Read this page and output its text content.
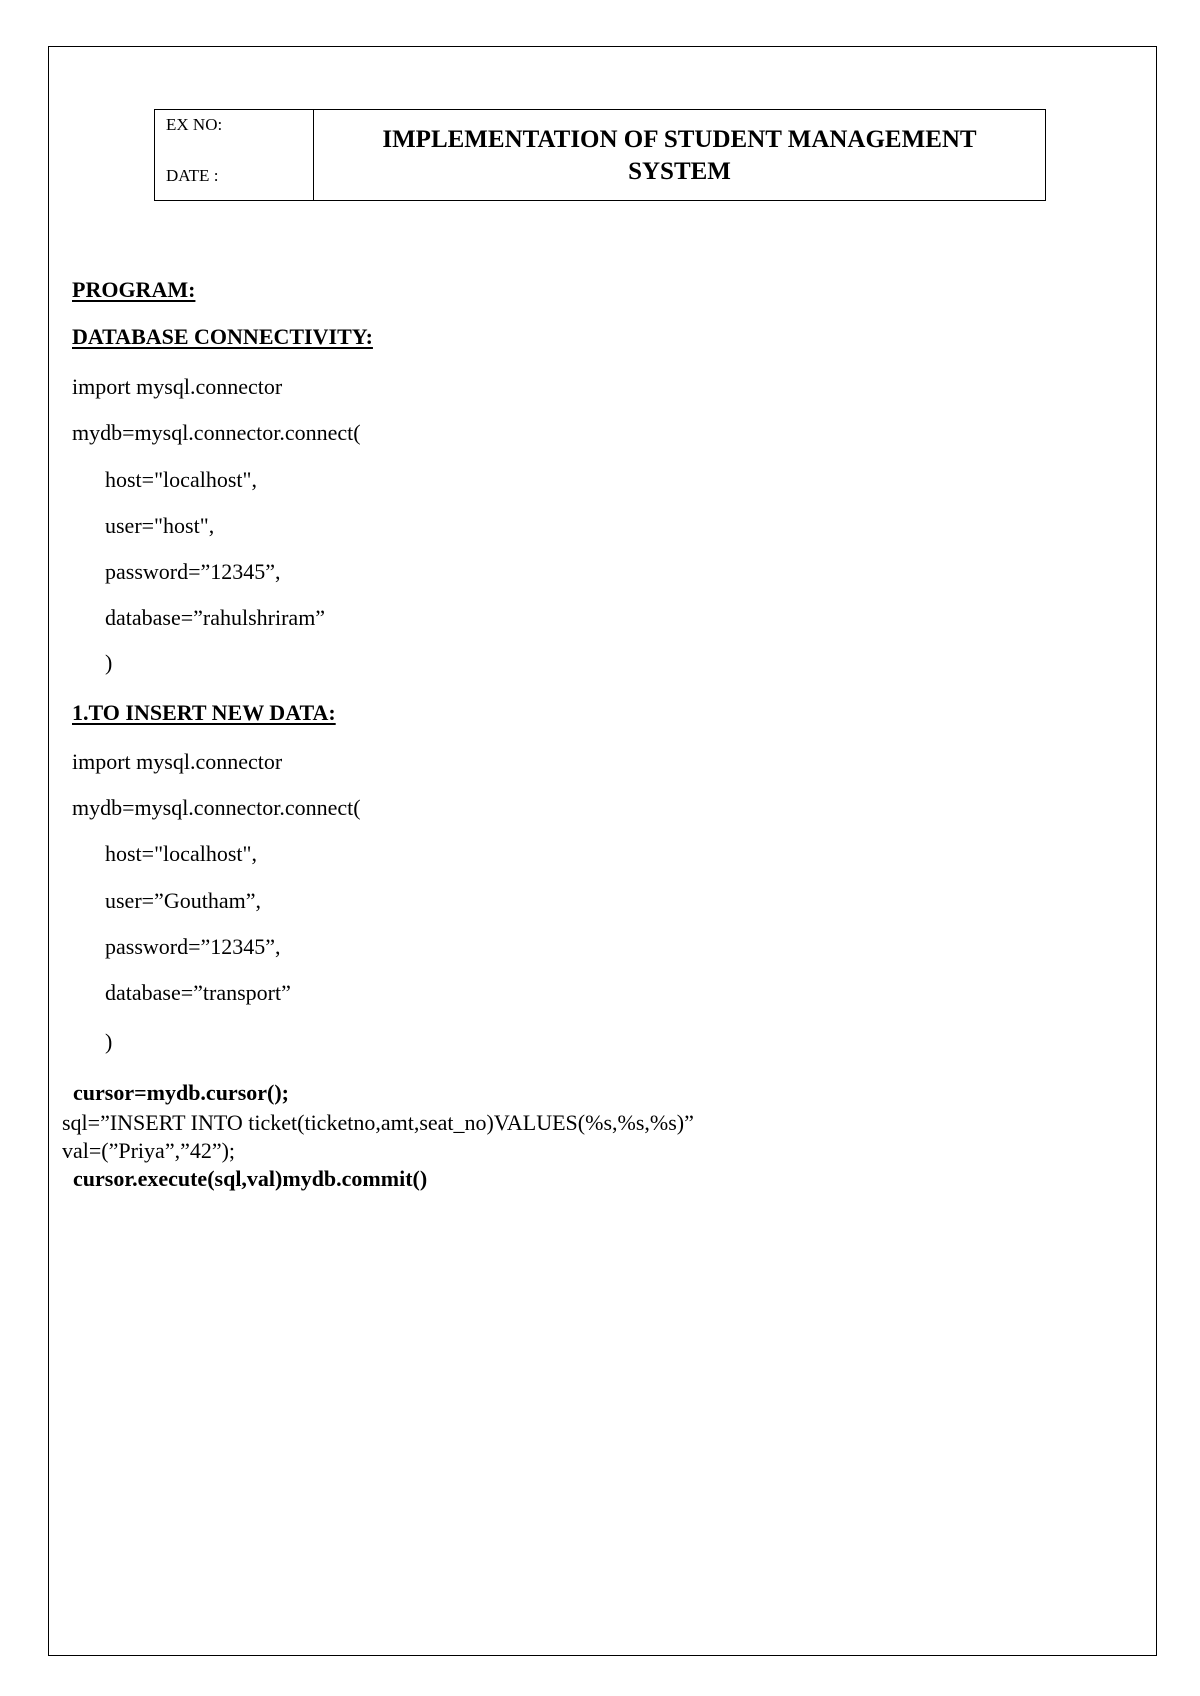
EX NO:
DATE :
IMPLEMENTATION OF STUDENT MANAGEMENT
SYSTEM
PROGRAM:
DATABASE CONNECTIVITY:
import mysql.connector
mydb=mysql.connector.connect(
host="localhost",
user="host",
password=”12345”,
database=”rahulshriram”
)
1.TO INSERT NEW DATA:
import mysql.connector
mydb=mysql.connector.connect(
host="localhost",
user=”Goutham”,
password=”12345”,
database=”transport”
)
cursor=mydb.cursor();
sql=”INSERT INTO ticket(ticketno,amt,seat_no)VALUES(%s,%s,%s)”
val=(”Priya”,”42”);
cursor.execute(sql,val)mydb.commit()
